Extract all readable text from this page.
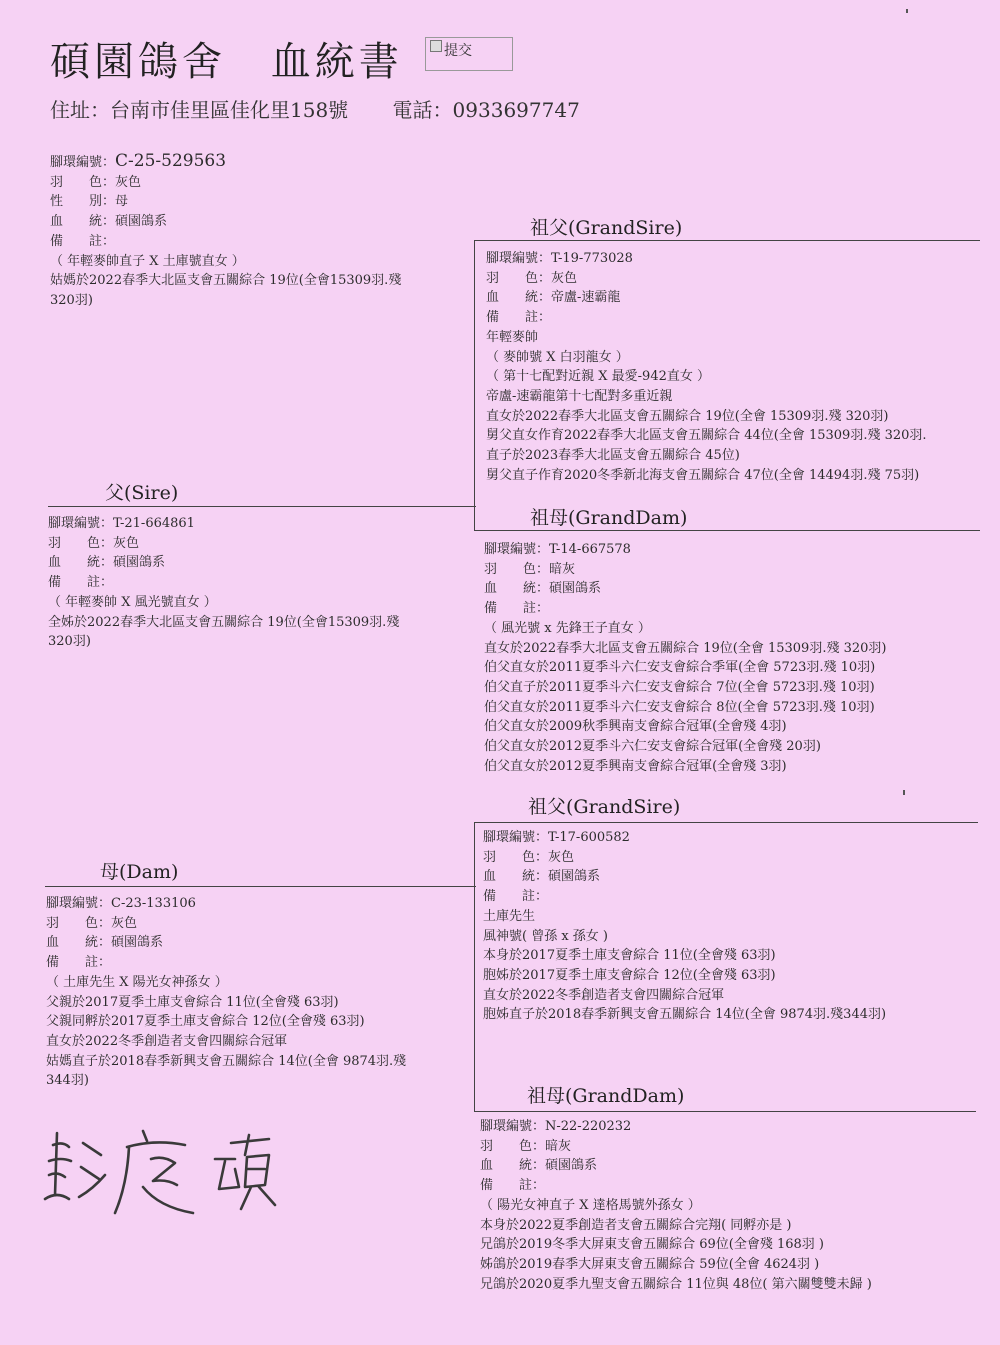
碩園鴿舍 血統書	提交
住址：台南市佳里區佳化里158號 電話：0933697747
腳環編號：C-25-529563
羽　　色：灰色
性　　別：母
血　　統：碩園鴿系
備　　註：
（ 年輕麥帥直子 X 土庫號直女 ）
姑媽於2022春季大北區支會五關綜合 19位(全會15309羽.殘
320羽)
父(Sire)
腳環編號：T-21-664861
羽　　色：灰色
血　　統：碩園鴿系
備　　註：
（ 年輕麥帥 X 風光號直女 ）
全姊於2022春季大北區支會五關綜合 19位(全會15309羽.殘
320羽)
祖父(GrandSire)
腳環編號：T-19-773028
羽　　色：灰色
血　　統：帝盧-速霸龍
備　　註：
年輕麥帥
（ 麥帥號 X 白羽龍女 ）
（ 第十七配對近親 X 最愛-942直女 ）
帝盧-速霸龍第十七配對多重近親
直女於2022春季大北區支會五關綜合 19位(全會 15309羽.殘 320羽)
舅父直女作育2022春季大北區支會五關綜合 44位(全會 15309羽.殘 320羽.
直子於2023春季大北區支會五關綜合 45位)
舅父直子作育2020冬季新北海支會五關綜合 47位(全會 14494羽.殘 75羽)
祖母(GrandDam)
腳環編號：T-14-667578
羽　　色：暗灰
血　　統：碩園鴿系
備　　註：
（ 風光號 x 先鋒王子直女 ）
直女於2022春季大北區支會五關綜合 19位(全會 15309羽.殘 320羽)
伯父直女於2011夏季斗六仁安支會綜合季軍(全會 5723羽.殘 10羽)
伯父直子於2011夏季斗六仁安支會綜合 7位(全會 5723羽.殘 10羽)
伯父直女於2011夏季斗六仁安支會綜合 8位(全會 5723羽.殘 10羽)
伯父直女於2009秋季興南支會綜合冠軍(全會殘 4羽)
伯父直女於2012夏季斗六仁安支會綜合冠軍(全會殘 20羽)
伯父直女於2012夏季興南支會綜合冠軍(全會殘 3羽)
母(Dam)
腳環編號：C-23-133106
羽　　色：灰色
血　　統：碩園鴿系
備　　註：
（ 土庫先生 X 陽光女神孫女 ）
父親於2017夏季土庫支會綜合 11位(全會殘 63羽)
父親同孵於2017夏季土庫支會綜合 12位(全會殘 63羽)
直女於2022冬季創造者支會四關綜合冠軍
姑媽直子於2018春季新興支會五關綜合 14位(全會 9874羽.殘
344羽)
祖父(GrandSire)
腳環編號：T-17-600582
羽　　色：灰色
血　　統：碩園鴿系
備　　註：
土庫先生
風神號( 曾孫 x 孫女 )
本身於2017夏季土庫支會綜合 11位(全會殘 63羽)
胞姊於2017夏季土庫支會綜合 12位(全會殘 63羽)
直女於2022冬季創造者支會四關綜合冠軍
胞姊直子於2018春季新興支會五關綜合 14位(全會 9874羽.殘344羽)
祖母(GrandDam)
腳環編號：N-22-220232
羽　　色：暗灰
血　　統：碩園鴿系
備　　註：
（ 陽光女神直子 X 達格馬號外孫女 ）
本身於2022夏季創造者支會五關綜合完翔( 同孵亦是 )
兄鴿於2019冬季大屏東支會五關綜合 69位(全會殘 168羽 )
姊鴿於2019春季大屏東支會五關綜合 59位(全會 4624羽 )
兄鴿於2020夏季九聖支會五關綜合 11位與 48位( 第六關雙雙未歸 )
